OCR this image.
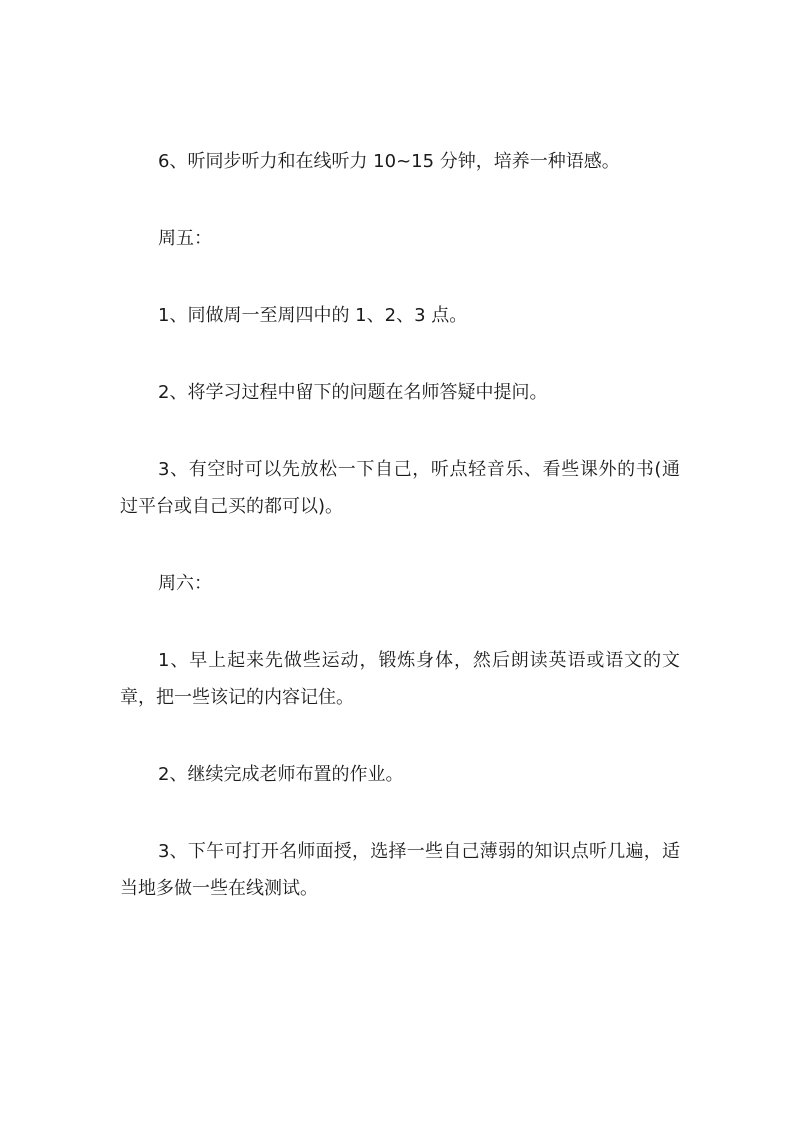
6、听同步听力和在线听力 10~15 分钟，培养一种语感。

周五：

1、同做周一至周四中的 1、2、3 点。

2、将学习过程中留下的问题在名师答疑中提问。

3、有空时可以先放松一下自己，听点轻音乐、看些课外的书(通过平台或自己买的都可以)。

周六：

1、早上起来先做些运动，锻炼身体，然后朗读英语或语文的文章，把一些该记的内容记住。

2、继续完成老师布置的作业。

3、下午可打开名师面授，选择一些自己薄弱的知识点听几遍，适当地多做一些在线测试。
